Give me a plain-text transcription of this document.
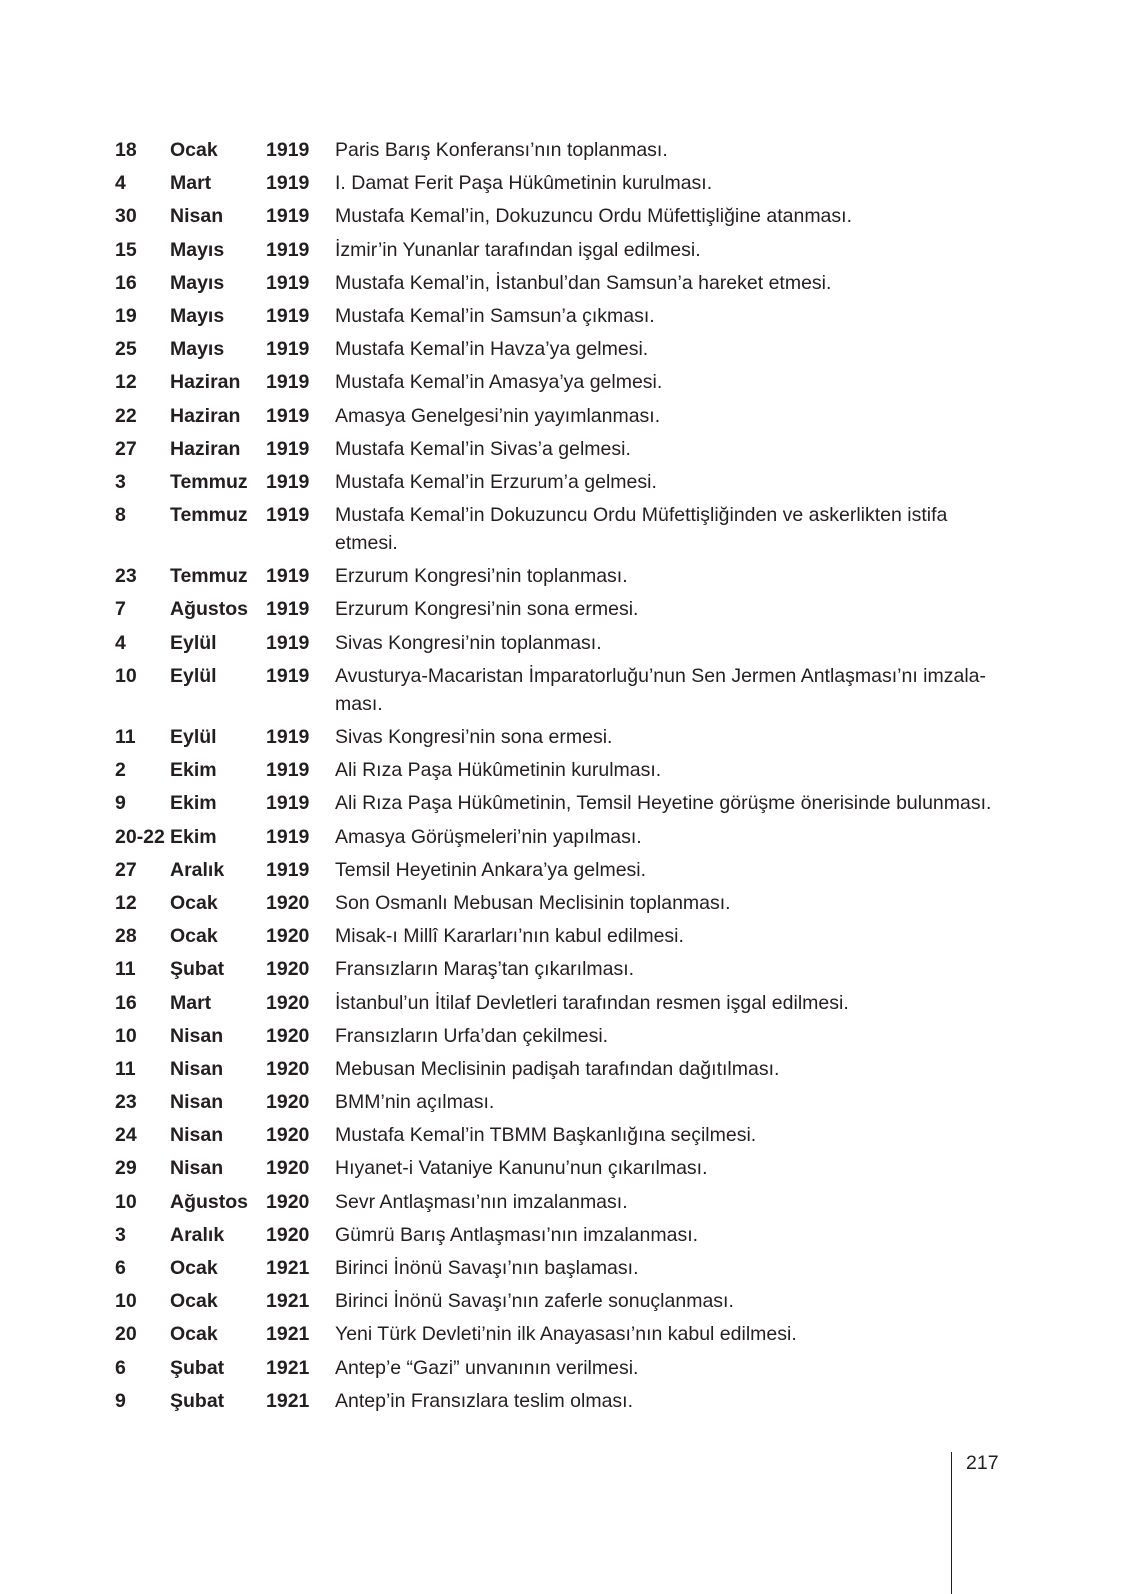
18	Ocak	1919	Paris Barış Konferansı’nın toplanması.
4	Mart	1919	I. Damat Ferit Paşa Hükûmetinin kurulması.
30	Nisan	1919	Mustafa Kemal’in, Dokuzuncu Ordu Müfettişliğine atanması.
15	Mayıs	1919	İzmir’in Yunanlar tarafından işgal edilmesi.
16	Mayıs	1919	Mustafa Kemal’in, İstanbul’dan Samsun’a hareket etmesi.
19	Mayıs	1919	Mustafa Kemal’in Samsun’a çıkması.
25	Mayıs	1919	Mustafa Kemal’in Havza’ya gelmesi.
12	Haziran	1919	Mustafa Kemal’in Amasya’ya gelmesi.
22	Haziran	1919	Amasya Genelgesi’nin yayımlanması.
27	Haziran	1919	Mustafa Kemal’in Sivas’a gelmesi.
3	Temmuz 1919	Mustafa Kemal’in Erzurum’a gelmesi.
8	Temmuz 1919	Mustafa Kemal’in Dokuzuncu Ordu Müfettişliğinden ve askerlikten istifa etmesi.
23	Temmuz 1919	Erzurum Kongresi’nin toplanması.
7	Ağustos 1919	Erzurum Kongresi’nin sona ermesi.
4	Eylül	1919	Sivas Kongresi’nin toplanması.
10	Eylül	1919	Avusturya-Macaristan İmparatorluğu’nun Sen Jermen Antlaşması’nı imzala-ması.
11	Eylül	1919	Sivas Kongresi’nin sona ermesi.
2	Ekim	1919	Ali Rıza Paşa Hükûmetinin kurulması.
9	Ekim	1919	Ali Rıza Paşa Hükûmetinin, Temsil Heyetine görüşme önerisinde bulunması.
20-22 Ekim	1919	Amasya Görüşmeleri’nin yapılması.
27	Aralık	1919	Temsil Heyetinin Ankara’ya gelmesi.
12	Ocak	1920	Son Osmanlı Mebusan Meclisinin toplanması.
28	Ocak	1920	Misak-ı Millî Kararları’nın kabul edilmesi.
11	Şubat	1920	Fransızların Maraş’tan çıkarılması.
16	Mart	1920	İstanbul’un İtilaf Devletleri tarafından resmen işgal edilmesi.
10	Nisan	1920	Fransızların Urfa’dan çekilmesi.
11	Nisan	1920	Mebusan Meclisinin padişah tarafından dağıtılması.
23	Nisan	1920	BMM’nin açılması.
24	Nisan	1920	Mustafa Kemal’in TBMM Başkanlığına seçilmesi.
29	Nisan	1920	Hıyanet-i Vataniye Kanunu’nun çıkarılması.
10	Ağustos 1920	Sevr Antlaşması’nın imzalanması.
3	Aralık	1920	Gümrü Barış Antlaşması’nın imzalanması.
6	Ocak	1921	Birinci İnönü Savaşı’nın başlaması.
10	Ocak	1921	Birinci İnönü Savaşı’nın zaferle sonuçlanması.
20	Ocak	1921	Yeni Türk Devleti’nin ilk Anayasası’nın kabul edilmesi.
6	Şubat	1921	Antep’e “Gazi” unvanının verilmesi.
9	Şubat	1921	Antep’in Fransızlara teslim olması.
217
